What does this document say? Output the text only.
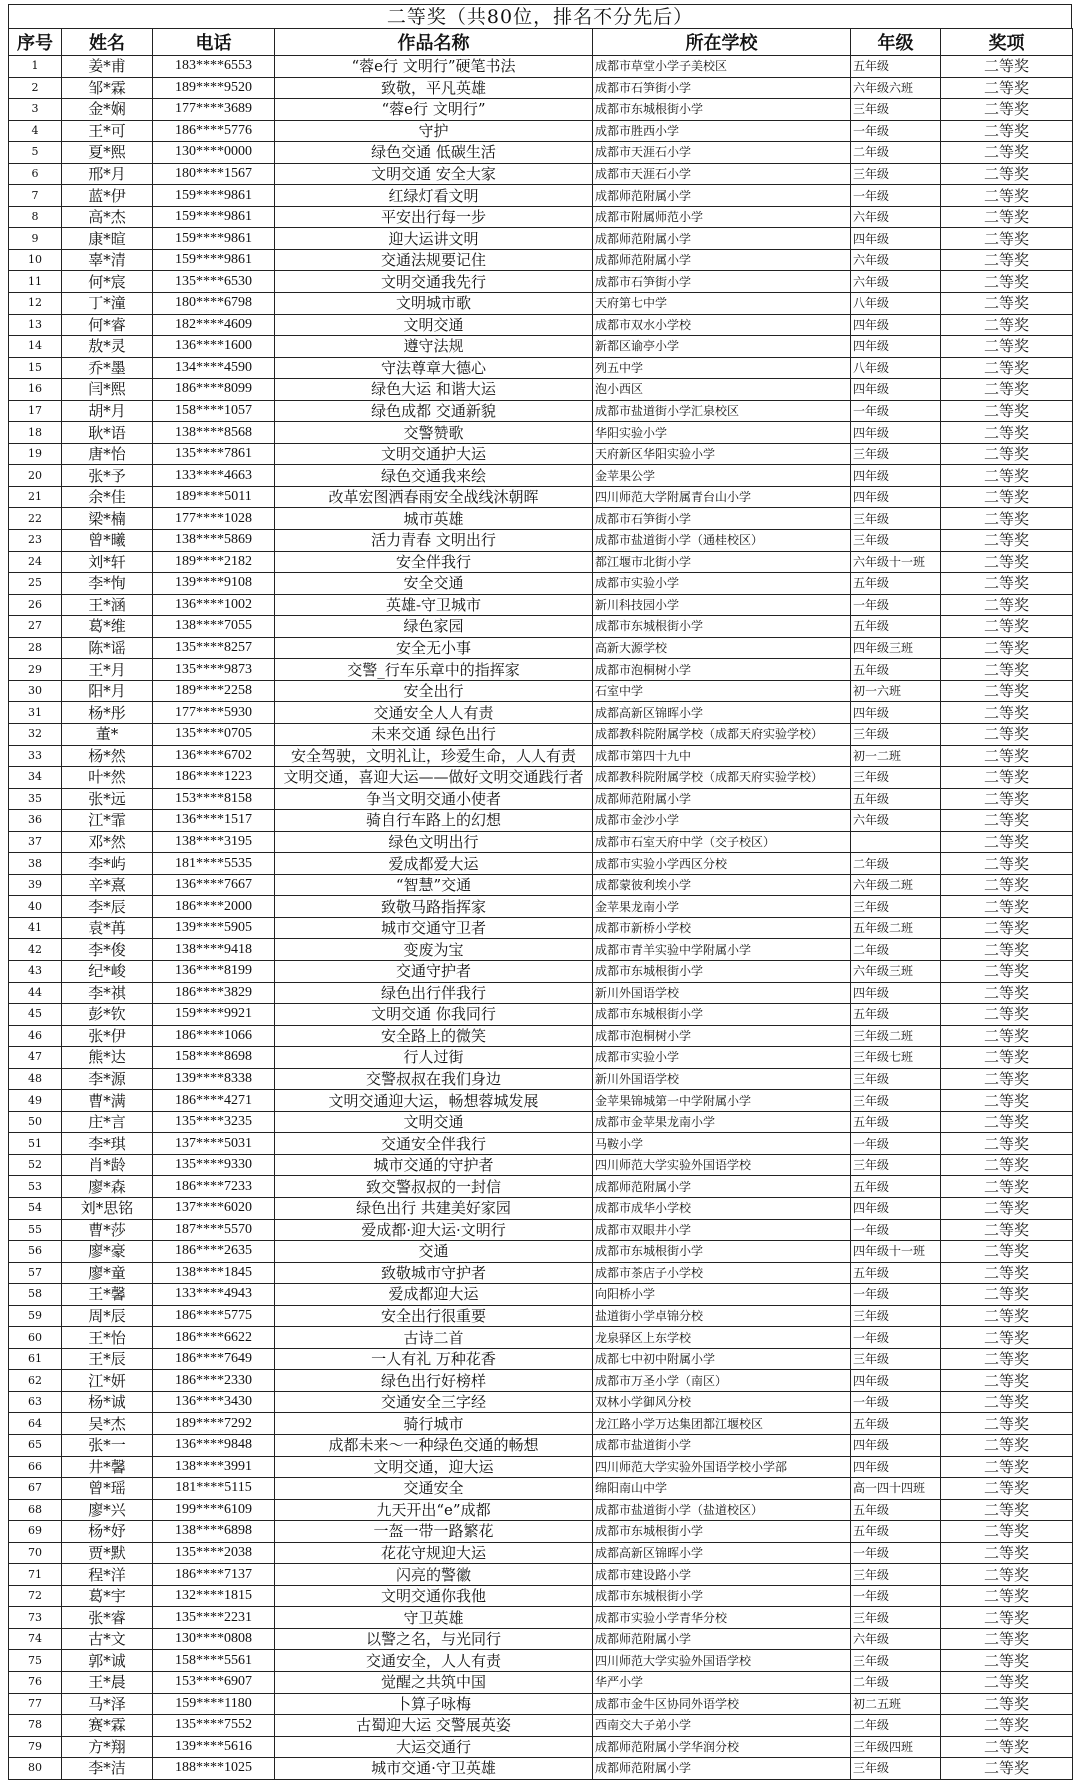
二等奖（共80位，排名不分先后）
序号	姓名	电话	作品名称	所在学校	年级	奖项
1	姜*甫	183****6553	“蓉e行 文明行”硬笔书法	成都市草堂小学子美校区	五年级	二等奖
2	邹*霖	189****9520	致敬，平凡英雄	成都市石笋街小学	六年级六班	二等奖
3	金*娴	177****3689	“蓉e行 文明行”	成都市东城根街小学	三年级	二等奖
4	王*可	186****5776	守护	成都市胜西小学	一年级	二等奖
5	夏*熙	130****0000	绿色交通 低碳生活	成都市天涯石小学	二年级	二等奖
6	邢*月	180****1567	文明交通 安全大家	成都市天涯石小学	三年级	二等奖
7	蓝*伊	159****9861	红绿灯看文明	成都师范附属小学	一年级	二等奖
8	高*杰	159****9861	平安出行每一步	成都市附属师范小学	六年级	二等奖
9	康*暄	159****9861	迎大运讲文明	成都师范附属小学	四年级	二等奖
10	辜*清	159****9861	交通法规要记住	成都师范附属小学	六年级	二等奖
11	何*宸	135****6530	文明交通我先行	成都市石笋街小学	六年级	二等奖
12	丁*潼	180****6798	文明城市歌	天府第七中学	八年级	二等奖
13	何*睿	182****4609	文明交通	成都市双水小学校	四年级	二等奖
14	敖*灵	136****1600	遵守法规	新都区谕亭小学	四年级	二等奖
15	乔*墨	134****4590	守法尊章大德心	列五中学	八年级	二等奖
16	闫*熙	186****8099	绿色大运 和谐大运	泡小西区	四年级	二等奖
17	胡*月	158****1057	绿色成都 交通新貌	成都市盐道街小学汇泉校区	一年级	二等奖
18	耿*语	138****8568	交警赞歌	华阳实验小学	四年级	二等奖
19	唐*怡	135****7861	文明交通护大运	天府新区华阳实验小学	三年级	二等奖
20	张*予	133****4663	绿色交通我来绘	金苹果公学	四年级	二等奖
21	余*佳	189****5011	改革宏图洒春雨安全战线沐朝晖	四川师范大学附属青台山小学	四年级	二等奖
22	梁*楠	177****1028	城市英雄	成都市石笋街小学	三年级	二等奖
23	曾*曦	138****5869	活力青春 文明出行	成都市盐道街小学（通桂校区）	三年级	二等奖
24	刘*轩	189****2182	安全伴我行	都江堰市北街小学	六年级十一班	二等奖
25	李*恂	139****9108	安全交通	成都市实验小学	五年级	二等奖
26	王*涵	136****1002	英雄-守卫城市	新川科技园小学	一年级	二等奖
27	葛*维	138****7055	绿色家园	成都市东城根街小学	五年级	二等奖
28	陈*谣	135****8257	安全无小事	高新大源学校	四年级三班	二等奖
29	王*月	135****9873	交警_行车乐章中的指挥家	成都市泡桐树小学	五年级	二等奖
30	阳*月	189****2258	安全出行	石室中学	初一六班	二等奖
31	杨*彤	177****5930	交通安全人人有责	成都高新区锦晖小学	四年级	二等奖
32	董*	135****0705	未来交通 绿色出行	成都教科院附属学校（成都天府实验学校）	三年级	二等奖
33	杨*然	136****6702	安全驾驶，文明礼让，珍爱生命，人人有责	成都市第四十九中	初一二班	二等奖
34	叶*然	186****1223	文明交通，喜迎大运——做好文明交通践行者	成都教科院附属学校（成都天府实验学校）	三年级	二等奖
35	张*远	153****8158	争当文明交通小使者	成都师范附属小学	五年级	二等奖
36	江*霏	136****1517	骑自行车路上的幻想	成都市金沙小学	六年级	二等奖
37	邓*然	138****3195	绿色文明出行	成都市石室天府中学（交子校区）		二等奖
38	李*屿	181****5535	爱成都爱大运	成都市实验小学西区分校	二年级	二等奖
39	辛*熹	136****7667	“智慧”交通	成都蒙彼利埃小学	六年级二班	二等奖
40	李*辰	186****2000	致敬马路指挥家	金苹果龙南小学	三年级	二等奖
41	袁*苒	139****5905	城市交通守卫者	成都市新桥小学校	五年级二班	二等奖
42	李*俊	138****9418	变废为宝	成都市青羊实验中学附属小学	二年级	二等奖
43	纪*峻	136****8199	交通守护者	成都市东城根街小学	六年级三班	二等奖
44	李*祺	186****3829	绿色出行伴我行	新川外国语学校	四年级	二等奖
45	彭*钦	159****9921	文明交通 你我同行	成都市东城根街小学	五年级	二等奖
46	张*伊	186****1066	安全路上的微笑	成都市泡桐树小学	三年级二班	二等奖
47	熊*达	158****8698	行人过街	成都市实验小学	三年级七班	二等奖
48	李*源	139****8338	交警叔叔在我们身边	新川外国语学校	三年级	二等奖
49	曹*满	186****4271	文明交通迎大运，畅想蓉城发展	金苹果锦城第一中学附属小学	三年级	二等奖
50	庄*言	135****3235	文明交通	成都市金苹果龙南小学	五年级	二等奖
51	李*琪	137****5031	交通安全伴我行	马鞍小学	一年级	二等奖
52	肖*龄	135****9330	城市交通的守护者	四川师范大学实验外国语学校	三年级	二等奖
53	廖*森	186****7233	致交警叔叔的一封信	成都师范附属小学	五年级	二等奖
54	刘*思铭	137****6020	绿色出行 共建美好家园	成都市成华小学校	四年级	二等奖
55	曹*莎	187****5570	爱成都·迎大运·文明行	成都市双眼井小学	一年级	二等奖
56	廖*豪	186****2635	交通	成都市东城根街小学	四年级十一班	二等奖
57	廖*童	138****1845	致敬城市守护者	成都市茶店子小学校	五年级	二等奖
58	王*馨	133****4943	爱成都迎大运	向阳桥小学	一年级	二等奖
59	周*辰	186****5775	安全出行很重要	盐道街小学卓锦分校	三年级	二等奖
60	王*怡	186****6622	古诗二首	龙泉驿区上东学校	一年级	二等奖
61	王*辰	186****7649	一人有礼 万种花香	成都七中初中附属小学	三年级	二等奖
62	江*妍	186****2330	绿色出行好榜样	成都市万圣小学（南区）	四年级	二等奖
63	杨*诚	136****3430	交通安全三字经	双林小学御风分校	一年级	二等奖
64	吴*杰	189****7292	骑行城市	龙江路小学万达集团都江堰校区	五年级	二等奖
65	张*一	136****9848	成都未来～一种绿色交通的畅想	成都市盐道街小学	四年级	二等奖
66	井*馨	138****3991	文明交通，迎大运	四川师范大学实验外国语学校小学部	四年级	二等奖
67	曾*瑶	181****5115	交通安全	绵阳南山中学	高一四十四班	二等奖
68	廖*兴	199****6109	九天开出“e”成都	成都市盐道街小学（盐道校区）	五年级	二等奖
69	杨*妤	138****6898	一盔一带一路繁花	成都市东城根街小学	五年级	二等奖
70	贾*默	135****2038	花花守规迎大运	成都高新区锦晖小学	一年级	二等奖
71	程*洋	186****7137	闪亮的警徽	成都市建设路小学	三年级	二等奖
72	葛*宇	132****1815	文明交通你我他	成都市东城根街小学	一年级	二等奖
73	张*睿	135****2231	守卫英雄	成都市实验小学青华分校	三年级	二等奖
74	古*文	130****0808	以警之名，与光同行	成都师范附属小学	六年级	二等奖
75	郭*诚	158****5561	交通安全，人人有责	四川师范大学实验外国语学校	三年级	二等奖
76	王*晨	153****6907	觉醒之共筑中国	华严小学	二年级	二等奖
77	马*泽	159****1180	卜算子咏梅	成都市金牛区协同外语学校	初二五班	二等奖
78	赛*霖	135****7552	古蜀迎大运 交警展英姿	西南交大子弟小学	二年级	二等奖
79	方*翔	139****5616	大运交通行	成都师范附属小学华润分校	三年级四班	二等奖
80	李*洁	188****1025	城市交通·守卫英雄	成都师范附属小学	三年级	二等奖
